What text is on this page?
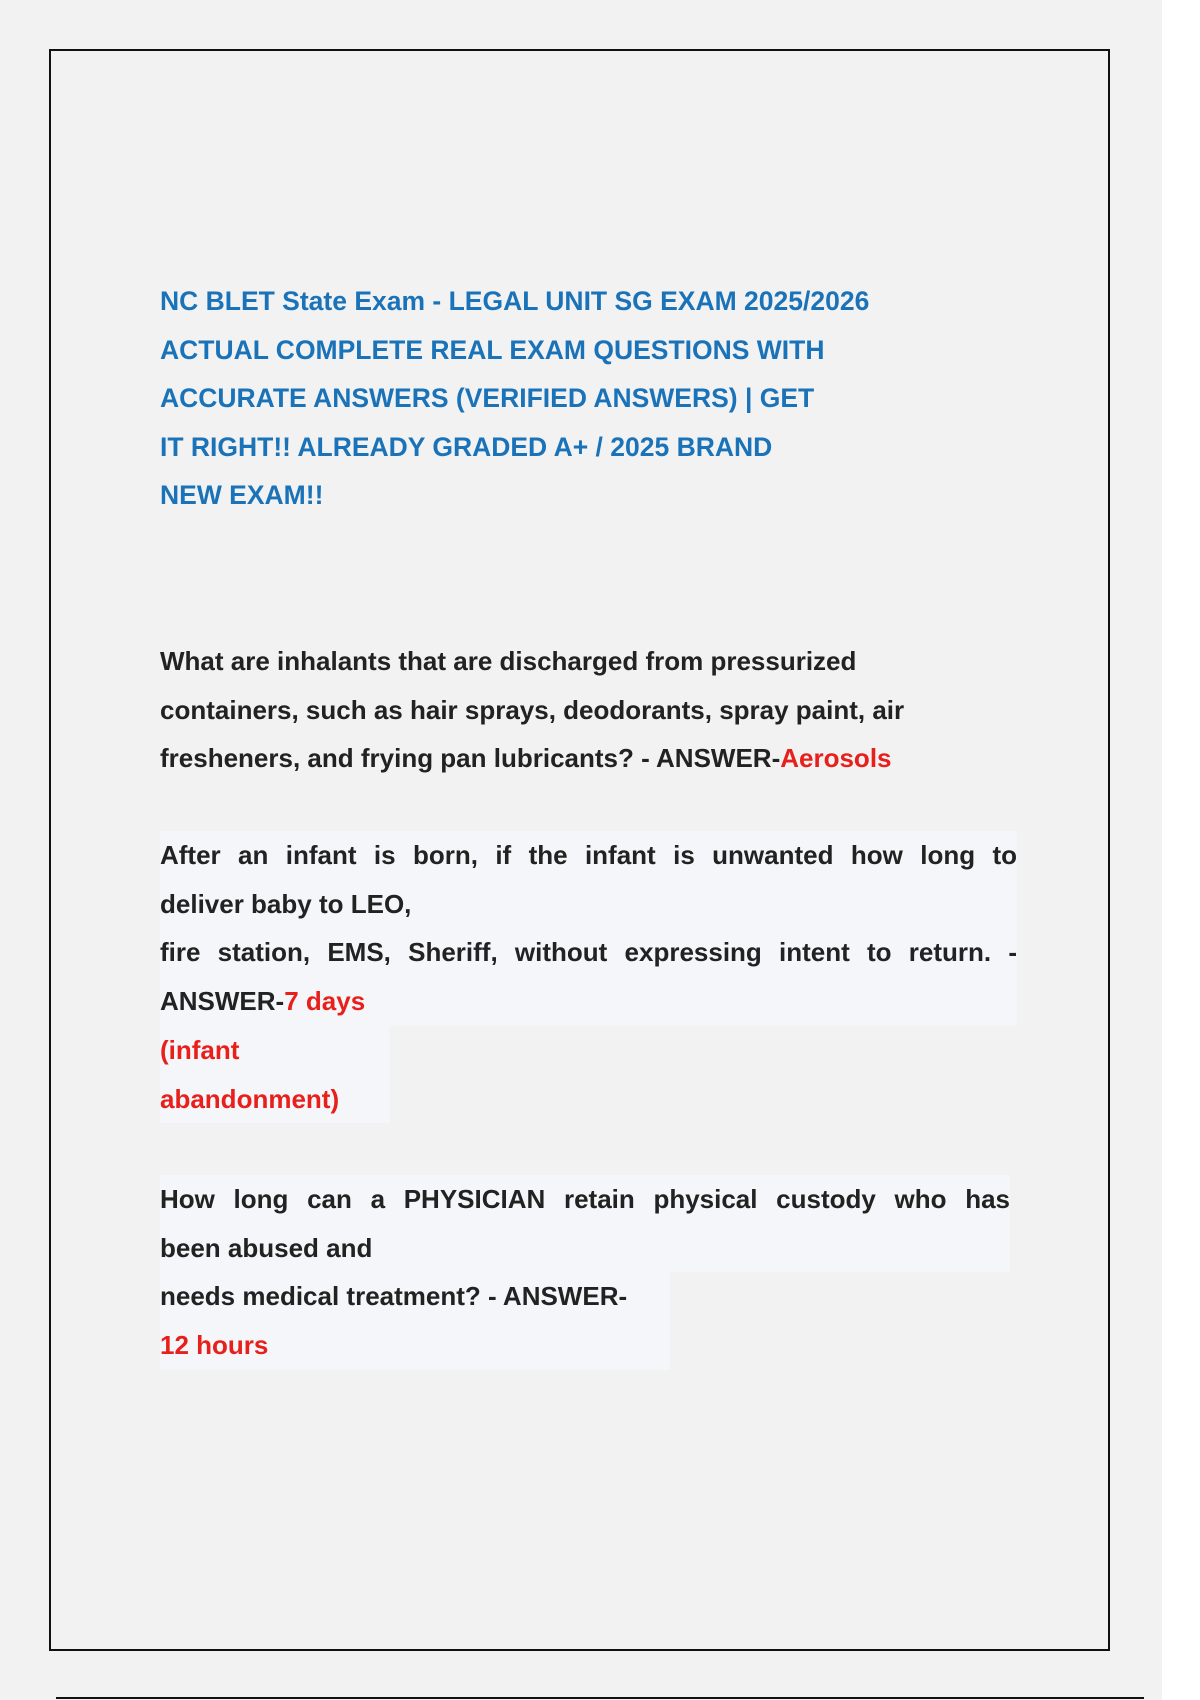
NC BLET State Exam - LEGAL UNIT SG EXAM 2025/2026
ACTUAL COMPLETE REAL EXAM QUESTIONS WITH
ACCURATE ANSWERS (VERIFIED ANSWERS) | GET
IT RIGHT!! ALREADY GRADED A+ / 2025 BRAND
NEW EXAM!!
What are inhalants that are discharged from pressurized
containers, such as hair sprays, deodorants, spray paint, air
fresheners, and frying pan lubricants? - ANSWER-Aerosols
After an infant is born, if the infant is unwanted how long to
deliver baby to LEO,
fire station, EMS, Sheriff, without expressing intent to return. -
ANSWER-7 days
(infant
abandonment)
How long can a PHYSICIAN retain physical custody who has
been abused and
needs medical treatment? - ANSWER-
12 hours
